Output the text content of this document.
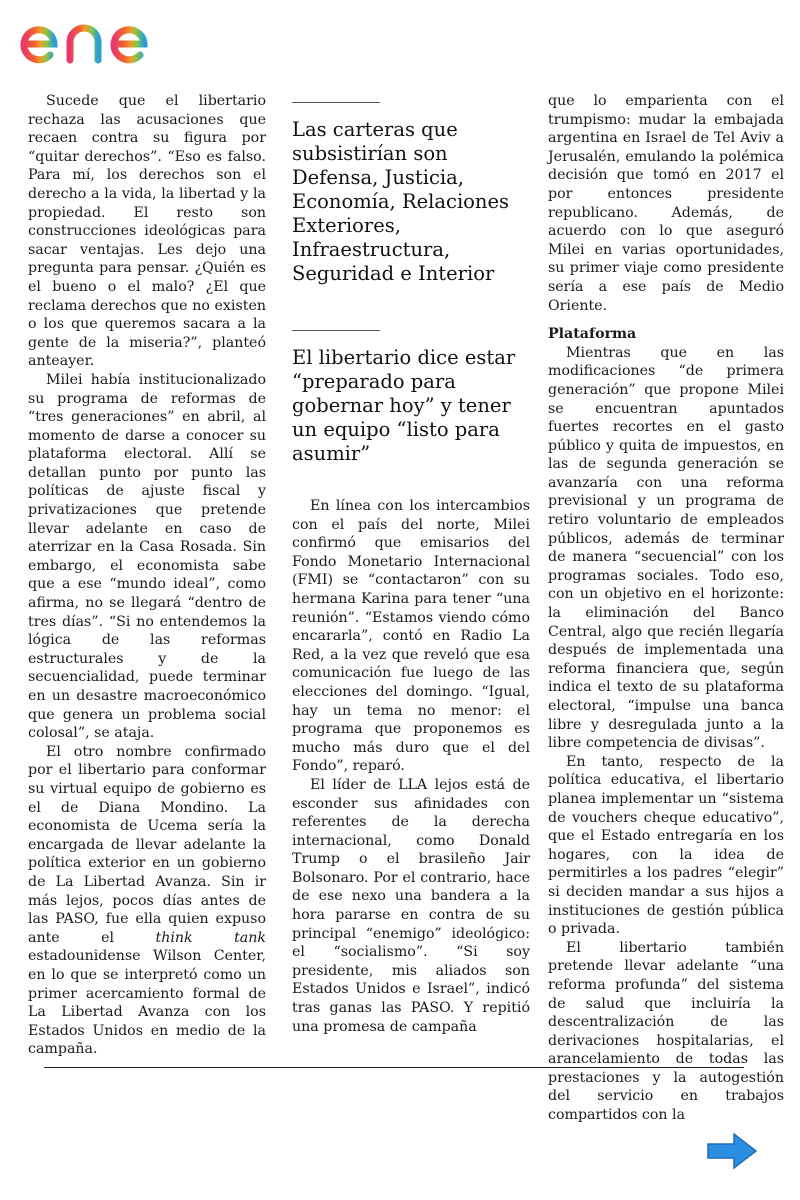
Sucede que el libertario rechaza las acusaciones que recaen contra su figura por “quitar derechos”. “Eso es falso. Para mí, los derechos son el derecho a la vida, la libertad y la propiedad. El resto son construcciones ideológicas para sacar ventajas. Les dejo una pregunta para pensar. ¿Quién es el bueno o el malo? ¿El que reclama derechos que no existen o los que queremos sacara a la gente de la miseria?”, planteó anteayer.

Milei había institucionalizado su programa de reformas de “tres generaciones” en abril, al momento de darse a conocer su plataforma electoral. Allí se detallan punto por punto las políticas de ajuste fiscal y privatizaciones que pretende llevar adelante en caso de aterrizar en la Casa Rosada. Sin embargo, el economista sabe que a ese “mundo ideal”, como afirma, no se llegará “dentro de tres días”. “Si no entendemos la lógica de las reformas estructurales y de la secuencialidad, puede terminar en un desastre macroeconómico que genera un problema social colosal”, se ataja.

El otro nombre confirmado por el libertario para conformar su virtual equipo de gobierno es el de Diana Mondino. La economista de Ucema sería la encargada de llevar adelante la política exterior en un gobierno de La Libertad Avanza. Sin ir más lejos, pocos días antes de las PASO, fue ella quien expuso ante el think tank estadounidense Wilson Center, en lo que se interpretó como un primer acercamiento formal de La Libertad Avanza con los Estados Unidos en medio de la campaña.

Las carteras que subsistirían son Defensa, Justicia, Economía, Relaciones Exteriores, Infraestructura, Seguridad e Interior
El libertario dice estar “preparado para gobernar hoy” y tener un equipo “listo para asumir”

En línea con los intercambios con el país del norte, Milei confirmó que emisarios del Fondo Monetario Internacional (FMI) se “contactaron” con su hermana Karina para tener “una reunión”. “Estamos viendo cómo encararla”, contó en Radio La Red, a la vez que reveló que esa comunicación fue luego de las elecciones del domingo. “Igual, hay un tema no menor: el programa que proponemos es mucho más duro que el del Fondo”, reparó.

El líder de LLA lejos está de esconder sus afinidades con referentes de la derecha internacional, como Donald Trump o el brasileño Jair Bolsonaro. Por el contrario, hace de ese nexo una bandera a la hora pararse en contra de su principal “enemigo” ideológico: el “socialismo”. “Si soy presidente, mis aliados son Estados Unidos e Israel”, indicó tras ganas las PASO. Y repitió una promesa de campaña

que lo emparienta con el trumpismo: mudar la embajada argentina en Israel de Tel Aviv a Jerusalén, emulando la polémica decisión que tomó en 2017 el por entonces presidente republicano. Además, de acuerdo con lo que aseguró Milei en varias oportunidades, su primer viaje como presidente sería a ese país de Medio Oriente.

Plataforma

Mientras que en las modificaciones “de primera generación” que propone Milei se encuentran apuntados fuertes recortes en el gasto público y quita de impuestos, en las de segunda generación se avanzaría con una reforma previsional y un programa de retiro voluntario de empleados públicos, además de terminar de manera “secuencial” con los programas sociales. Todo eso, con un objetivo en el horizonte: la eliminación del Banco Central, algo que recién llegaría después de implementada una reforma financiera que, según indica el texto de su plataforma electoral, “impulse una banca libre y desregulada junto a la libre competencia de divisas”.

En tanto, respecto de la política educativa, el libertario planea implementar un “sistema de vouchers cheque educativo”, que el Estado entregaría en los hogares, con la idea de permitirles a los padres “elegir” si deciden mandar a sus hijos a instituciones de gestión pública o privada.

El libertario también pretende llevar adelante “una reforma profunda” del sistema de salud que incluiría la descentralización de las derivaciones hospitalarias, el arancelamiento de todas las prestaciones y la autogestión del servicio en trabajos compartidos con la
